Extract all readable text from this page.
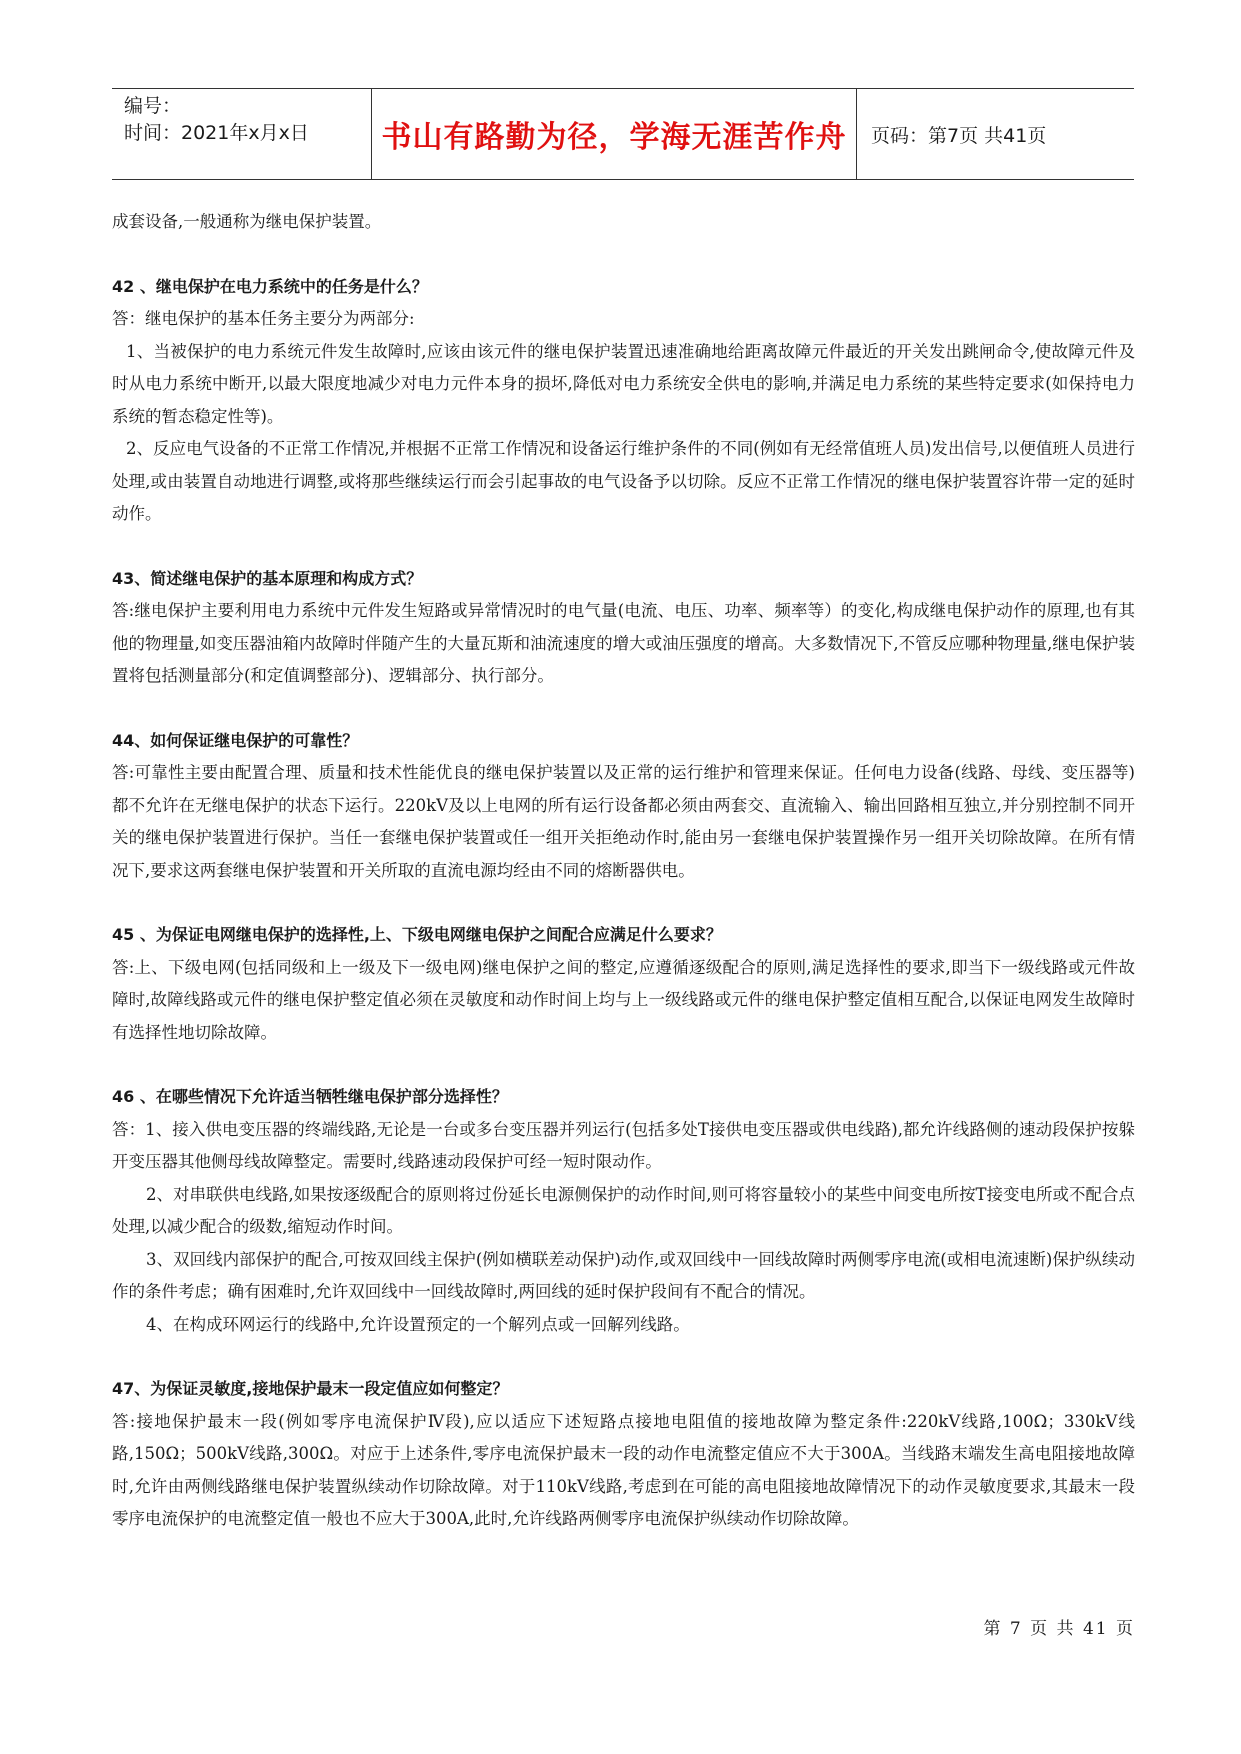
编号：
时间：2021年x月x日	书山有路勤为径，学海无涯苦作舟	页码：第7页 共41页

成套设备,一般通称为继电保护装置。

42 、继电保护在电力系统中的任务是什么？

答：继电保护的基本任务主要分为两部分:

1、当被保护的电力系统元件发生故障时,应该由该元件的继电保护装置迅速准确地给距离故障元件最近的开关发出跳闸命令,使故障元件及时从电力系统中断开,以最大限度地减少对电力元件本身的损坏,降低对电力系统安全供电的影响,并满足电力系统的某些特定要求(如保持电力系统的暂态稳定性等)。

2、反应电气设备的不正常工作情况,并根据不正常工作情况和设备运行维护条件的不同(例如有无经常值班人员)发出信号,以便值班人员进行处理,或由装置自动地进行调整,或将那些继续运行而会引起事故的电气设备予以切除。反应不正常工作情况的继电保护装置容许带一定的延时动作。

43、简述继电保护的基本原理和构成方式？

答:继电保护主要利用电力系统中元件发生短路或异常情况时的电气量(电流、电压、功率、频率等）的变化,构成继电保护动作的原理,也有其他的物理量,如变压器油箱内故障时伴随产生的大量瓦斯和油流速度的增大或油压强度的增高。大多数情况下,不管反应哪种物理量,继电保护装置将包括测量部分(和定值调整部分)、逻辑部分、执行部分。

44、如何保证继电保护的可靠性？

答:可靠性主要由配置合理、质量和技术性能优良的继电保护装置以及正常的运行维护和管理来保证。任何电力设备(线路、母线、变压器等)都不允许在无继电保护的状态下运行。220kV及以上电网的所有运行设备都必须由两套交、直流输入、输出回路相互独立,并分别控制不同开关的继电保护装置进行保护。当任一套继电保护装置或任一组开关拒绝动作时,能由另一套继电保护装置操作另一组开关切除故障。在所有情况下,要求这两套继电保护装置和开关所取的直流电源均经由不同的熔断器供电。

45 、为保证电网继电保护的选择性,上、下级电网继电保护之间配合应满足什么要求？

答:上、下级电网(包括同级和上一级及下一级电网)继电保护之间的整定,应遵循逐级配合的原则,满足选择性的要求,即当下一级线路或元件故障时,故障线路或元件的继电保护整定值必须在灵敏度和动作时间上均与上一级线路或元件的继电保护整定值相互配合,以保证电网发生故障时有选择性地切除故障。

46 、在哪些情况下允许适当牺牲继电保护部分选择性？

答：1、接入供电变压器的终端线路,无论是一台或多台变压器并列运行(包括多处T接供电变压器或供电线路),都允许线路侧的速动段保护按躲开变压器其他侧母线故障整定。需要时,线路速动段保护可经一短时限动作。

2、对串联供电线路,如果按逐级配合的原则将过份延长电源侧保护的动作时间,则可将容量较小的某些中间变电所按T接变电所或不配合点处理,以减少配合的级数,缩短动作时间。

3、双回线内部保护的配合,可按双回线主保护(例如横联差动保护)动作,或双回线中一回线故障时两侧零序电流(或相电流速断)保护纵续动作的条件考虑；确有困难时,允许双回线中一回线故障时,两回线的延时保护段间有不配合的情况。

4、在构成环网运行的线路中,允许设置预定的一个解列点或一回解列线路。

47、为保证灵敏度,接地保护最末一段定值应如何整定？

答:接地保护最末一段(例如零序电流保护Ⅳ段),应以适应下述短路点接地电阻值的接地故障为整定条件:220kV线路,100Ω；330kV线路,150Ω；500kV线路,300Ω。对应于上述条件,零序电流保护最末一段的动作电流整定值应不大于300A。当线路末端发生高电阻接地故障时,允许由两侧线路继电保护装置纵续动作切除故障。对于110kV线路,考虑到在可能的高电阻接地故障情况下的动作灵敏度要求,其最末一段零序电流保护的电流整定值一般也不应大于300A,此时,允许线路两侧零序电流保护纵续动作切除故障。

第 7 页 共 41 页
